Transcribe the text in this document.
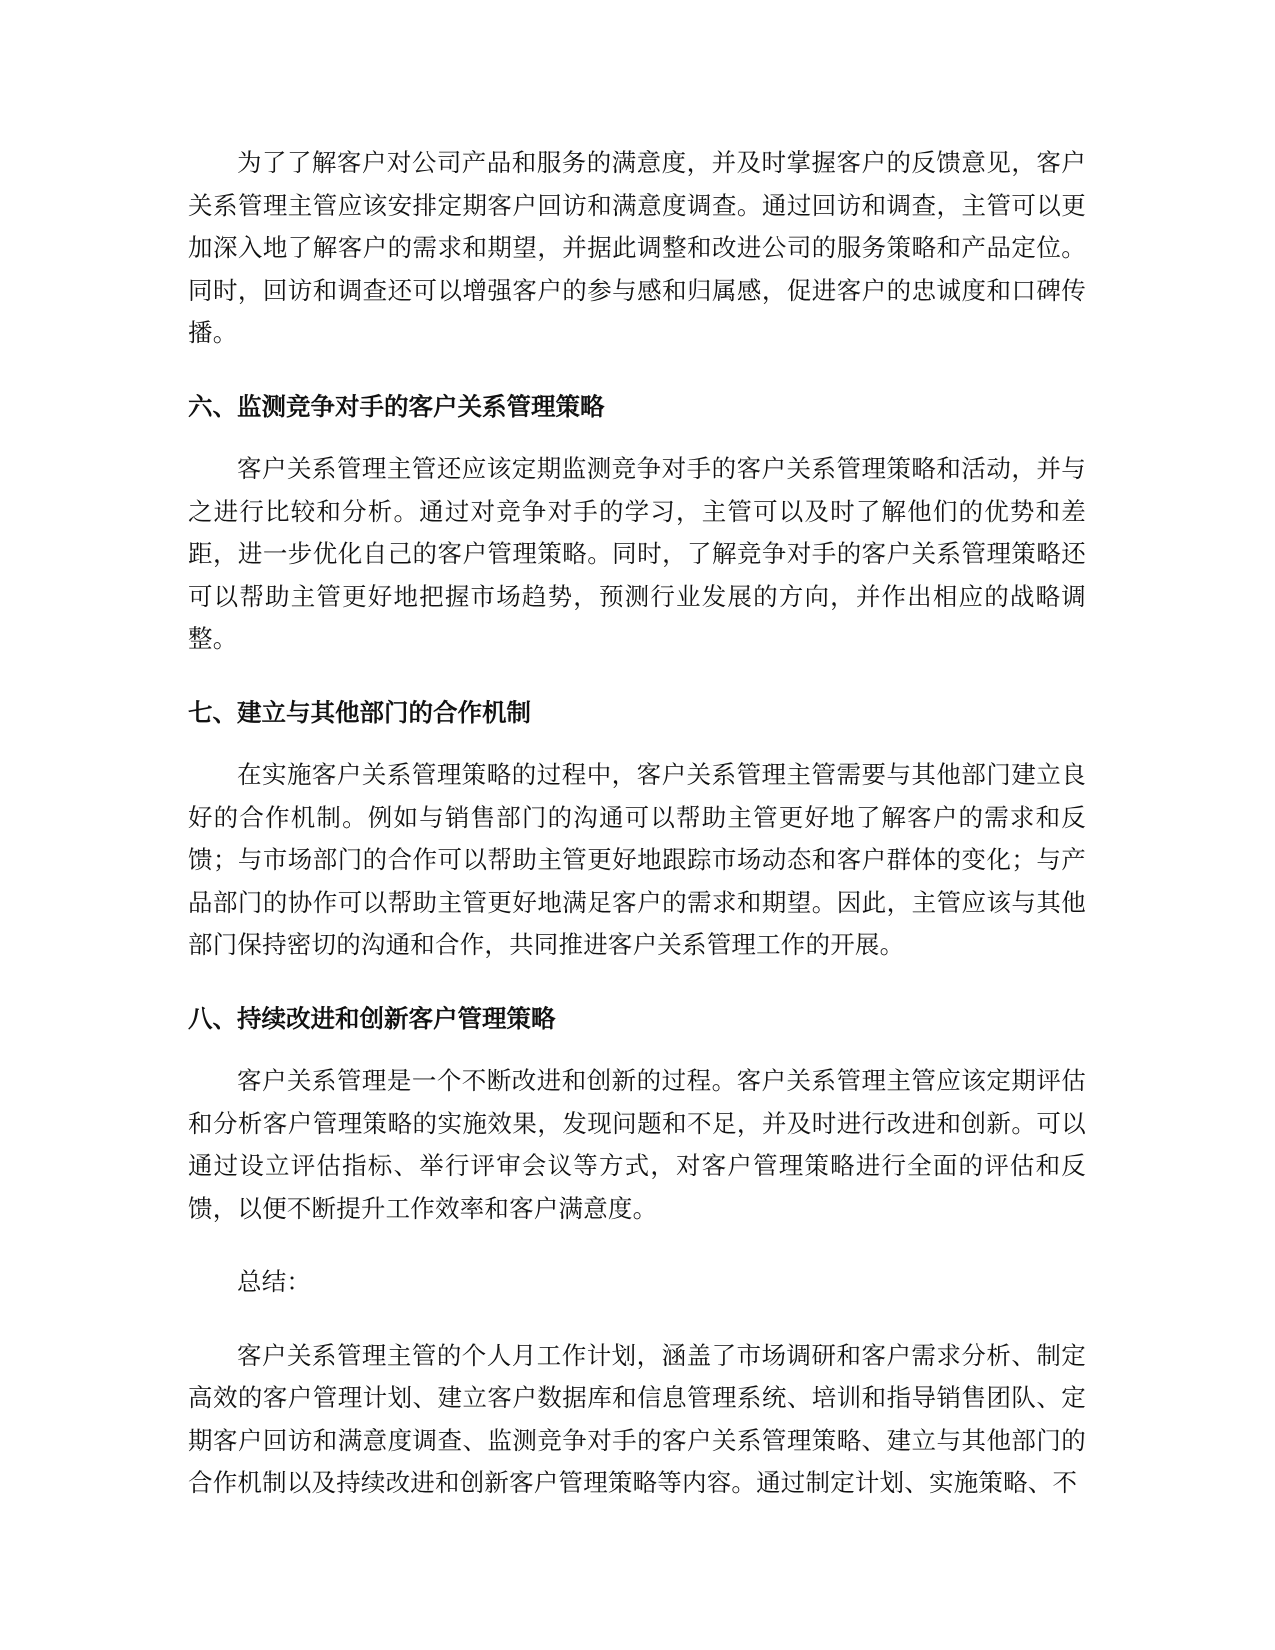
为了了解客户对公司产品和服务的满意度，并及时掌握客户的反馈意见，客户关系管理主管应该安排定期客户回访和满意度调查。通过回访和调查，主管可以更加深入地了解客户的需求和期望，并据此调整和改进公司的服务策略和产品定位。同时，回访和调查还可以增强客户的参与感和归属感，促进客户的忠诚度和口碑传播。

六、监测竞争对手的客户关系管理策略

客户关系管理主管还应该定期监测竞争对手的客户关系管理策略和活动，并与之进行比较和分析。通过对竞争对手的学习，主管可以及时了解他们的优势和差距，进一步优化自己的客户管理策略。同时，了解竞争对手的客户关系管理策略还可以帮助主管更好地把握市场趋势，预测行业发展的方向，并作出相应的战略调整。

七、建立与其他部门的合作机制

在实施客户关系管理策略的过程中，客户关系管理主管需要与其他部门建立良好的合作机制。例如与销售部门的沟通可以帮助主管更好地了解客户的需求和反馈；与市场部门的合作可以帮助主管更好地跟踪市场动态和客户群体的变化；与产品部门的协作可以帮助主管更好地满足客户的需求和期望。因此，主管应该与其他部门保持密切的沟通和合作，共同推进客户关系管理工作的开展。

八、持续改进和创新客户管理策略

客户关系管理是一个不断改进和创新的过程。客户关系管理主管应该定期评估和分析客户管理策略的实施效果，发现问题和不足，并及时进行改进和创新。可以通过设立评估指标、举行评审会议等方式，对客户管理策略进行全面的评估和反馈，以便不断提升工作效率和客户满意度。

总结：

客户关系管理主管的个人月工作计划，涵盖了市场调研和客户需求分析、制定高效的客户管理计划、建立客户数据库和信息管理系统、培训和指导销售团队、定期客户回访和满意度调查、监测竞争对手的客户关系管理策略、建立与其他部门的合作机制以及持续改进和创新客户管理策略等内容。通过制定计划、实施策略、不
